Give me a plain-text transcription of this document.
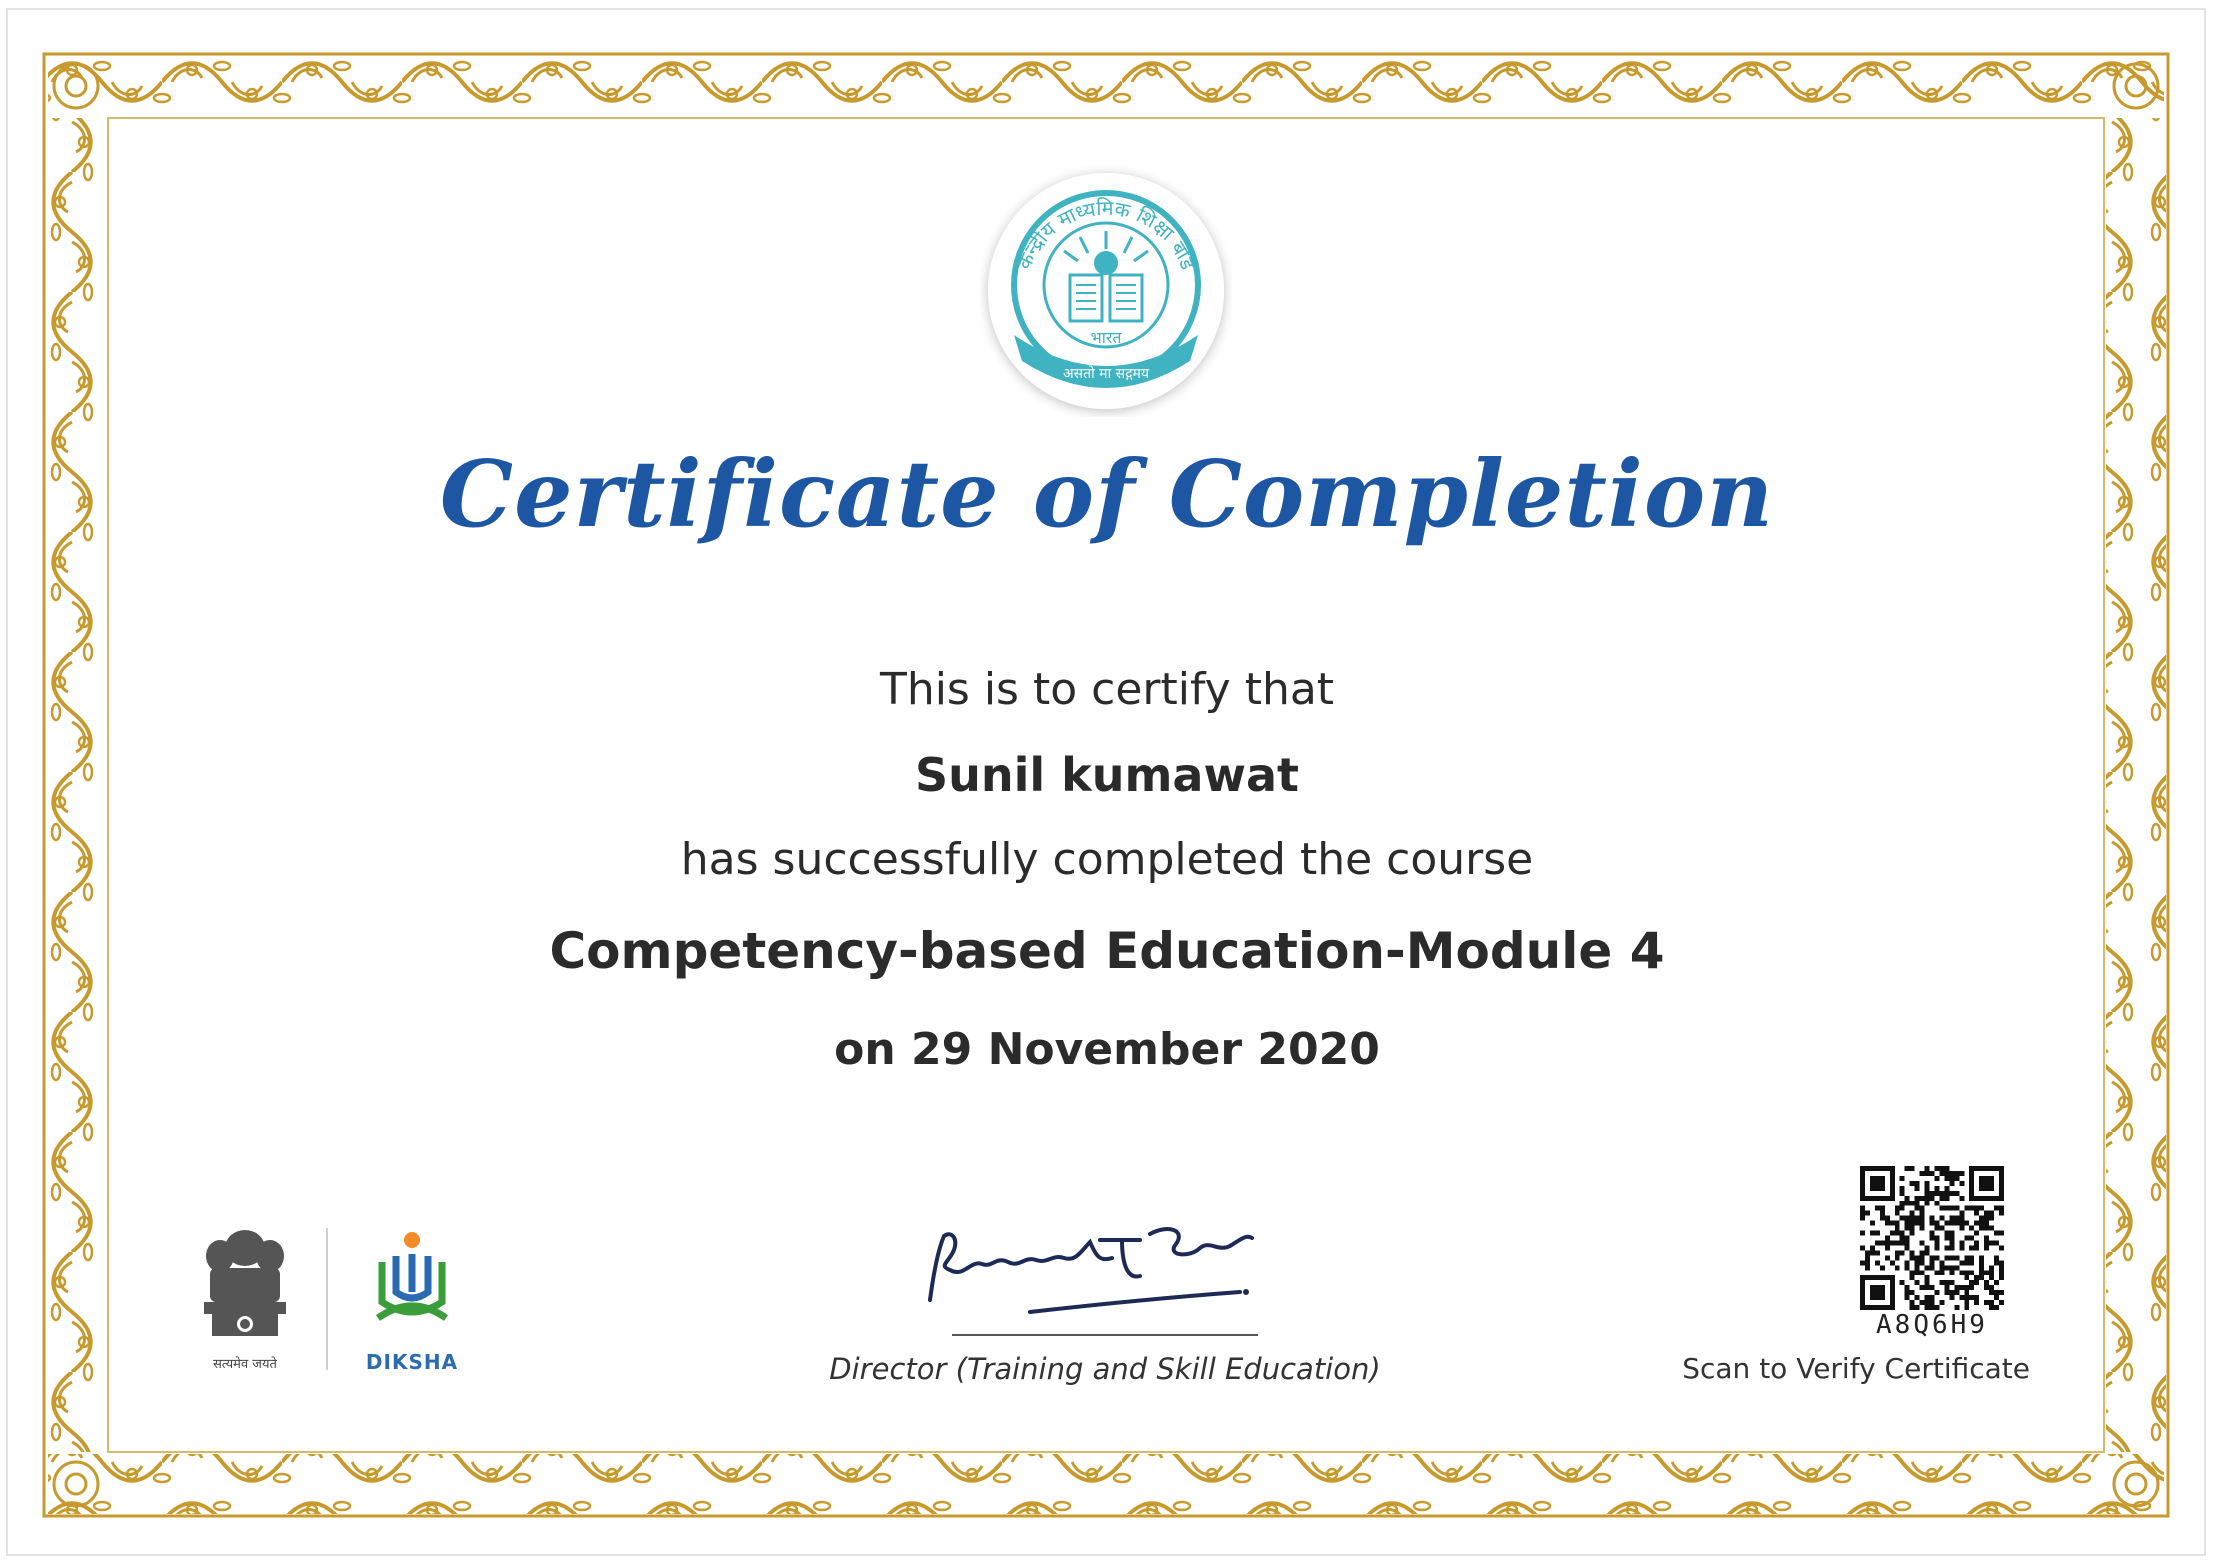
केन्द्रीय माध्यमिक शिक्षा बोर्ड
भारत
असतो मा सद्गमय
Certificate of Completion

This is to certify that

Sunil kumawat

has successfully completed the course

Competency-based Education-Module 4

on 29 November 2020

सत्यमेव जयते	DIKSHA	Director (Training and Skill Education)
A8Q6H9
Scan to Verify Certificate
